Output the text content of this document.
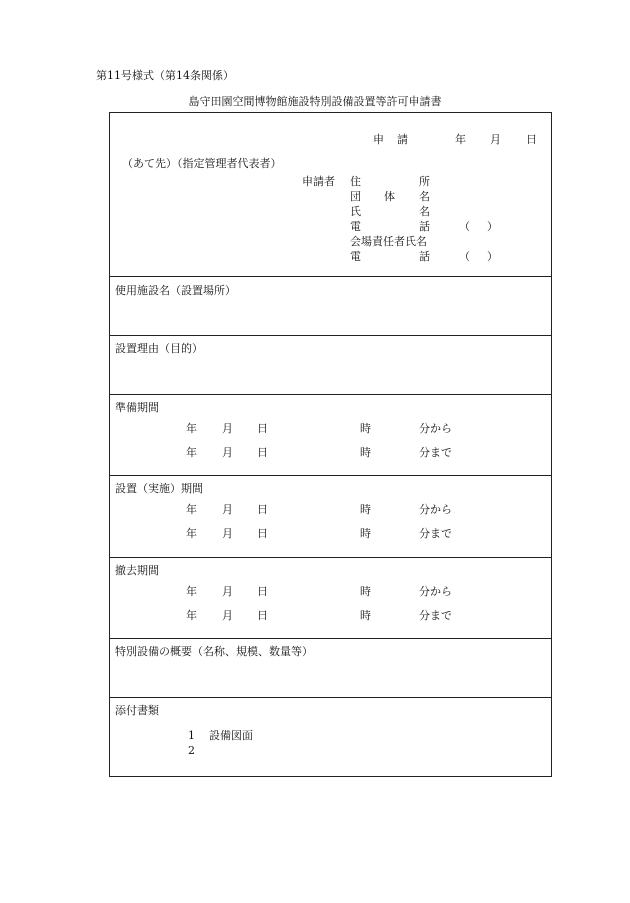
第11号様式（第14条関係）
島守田園空間博物館施設特別設備設置等許可申請書
申 請	年 月 日
（あて先）（指定管理者代表者）
申請者 住	所
団 体 名
氏	名
電	話	（ ）
会場責任者氏名
電	話	（ ）
使用施設名（設置場所）
設置理由（目的）
準備期間
年 月 日	時	分から
年 月 日	時	分まで
設置（実施）期間
年 月 日	時	分から
年 月 日	時	分まで
撤去期間
年 月 日	時	分から
年 月 日	時	分まで
特別設備の概要（名称、規模、数量等）
添付書類
1 設備図面
2
